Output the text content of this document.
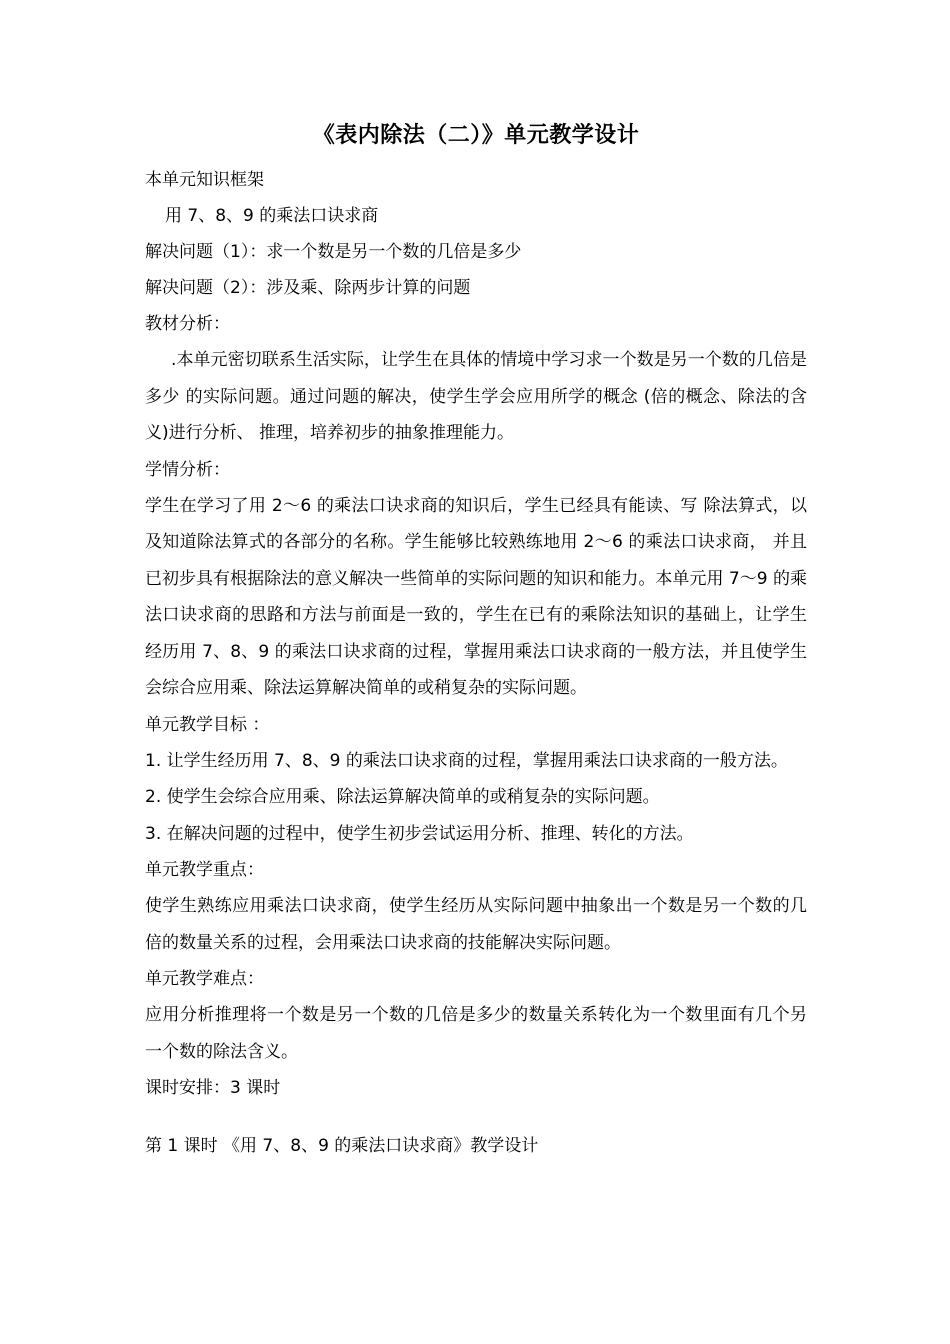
《表内除法（二）》单元教学设计

本单元知识框架

用 7、8、9 的乘法口诀求商

解决问题（1）：求一个数是另一个数的几倍是多少

解决问题（2）：涉及乘、除两步计算的问题

教材分析：

.本单元密切联系生活实际，让学生在具体的情境中学习求一个数是另一个数的几倍是多少 的实际问题。通过问题的解决，使学生学会应用所学的概念 (倍的概念、除法的含义)进行分析、 推理，培养初步的抽象推理能力。

学情分析：

学生在学习了用 2～6 的乘法口诀求商的知识后，学生已经具有能读、写 除法算式，以及知道除法算式的各部分的名称。学生能够比较熟练地用 2～6 的乘法口诀求商， 并且已初步具有根据除法的意义解决一些简单的实际问题的知识和能力。本单元用 7～9 的乘法口诀求商的思路和方法与前面是一致的，学生在已有的乘除法知识的基础上，让学生经历用 7、8、9 的乘法口诀求商的过程，掌握用乘法口诀求商的一般方法，并且使学生会综合应用乘、除法运算解决简单的或稍复杂的实际问题。

单元教学目标 ：

1. 让学生经历用 7、8、9 的乘法口诀求商的过程，掌握用乘法口诀求商的一般方法。

2. 使学生会综合应用乘、除法运算解决简单的或稍复杂的实际问题。

3. 在解决问题的过程中，使学生初步尝试运用分析、推理、转化的方法。

单元教学重点：

使学生熟练应用乘法口诀求商，使学生经历从实际问题中抽象出一个数是另一个数的几倍的数量关系的过程，会用乘法口诀求商的技能解决实际问题。

单元教学难点：

应用分析推理将一个数是另一个数的几倍是多少的数量关系转化为一个数里面有几个另一个数的除法含义。

课时安排：3 课时

第 1 课时 《用 7、8、9 的乘法口诀求商》教学设计
